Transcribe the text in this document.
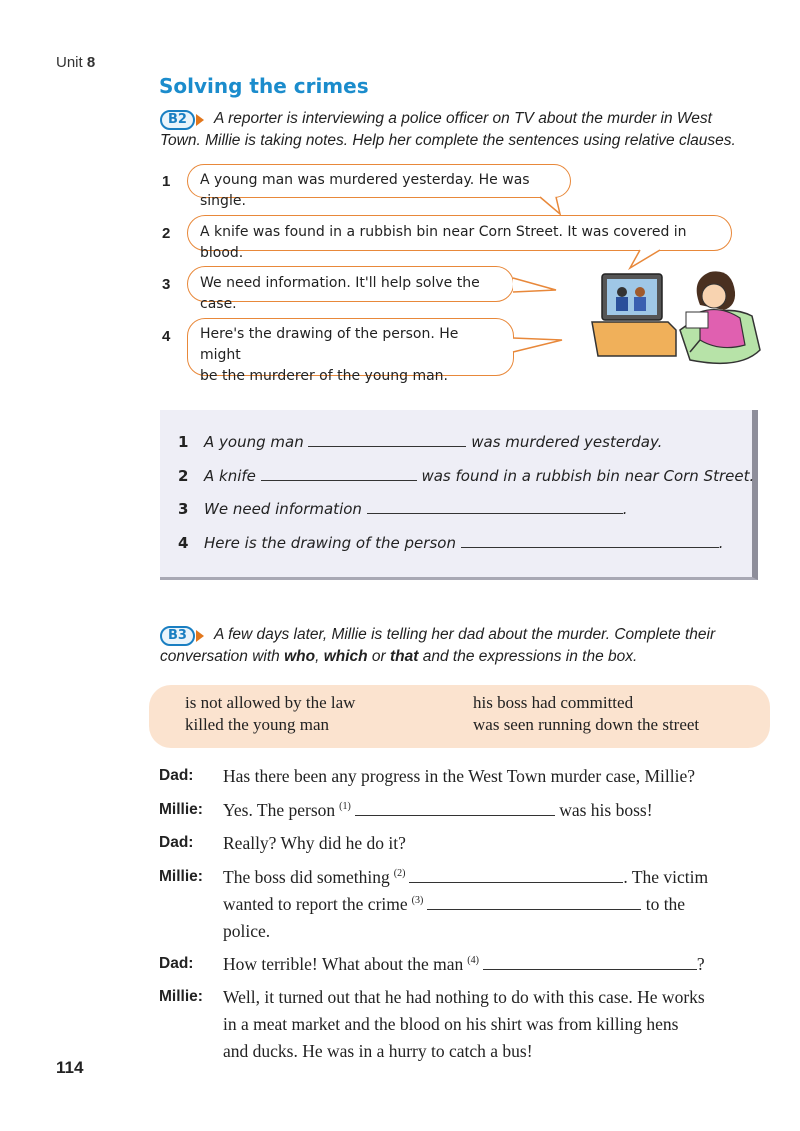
Unit 8
Solving the crimes
B2	A reporter is interviewing a police officer on TV about the murder in West
Town. Millie is taking notes. Help her complete the sentences using relative clauses.
1	A young man was murdered yesterday. He was single.
2	A knife was found in a rubbish bin near Corn Street. It was covered in blood.
3	We need information. It'll help solve the case.
4 Here's the drawing of the person. He might
be the murderer of the young man.
1 A young man	was murdered yesterday.
2 A knife	was found in a rubbish bin near Corn Street.
3 We need information	.
4 Here is the drawing of the person	.
B3	A few days later, Millie is telling her dad about the murder. Complete their
conversation with who, which or that and the expressions in the box.
is not allowed by the law	his boss had committed
killed the young man	was seen running down the street
Dad: Has there been any progress in the West Town murder case, Millie?
Millie: Yes. The person $^{(1)}$	was his boss!
Dad: Really? Why did he do it?
Millie: The boss did something $^{(2)}$	. The victim
wanted to report the crime $^{(3)}$	to the
police.
Dad: How terrible! What about the man $^{(4)}$	?
Millie: Well, it turned out that he had nothing to do with this case. He works
in a meat market and the blood on his shirt was from killing hens
and ducks. He was in a hurry to catch a bus!
114
